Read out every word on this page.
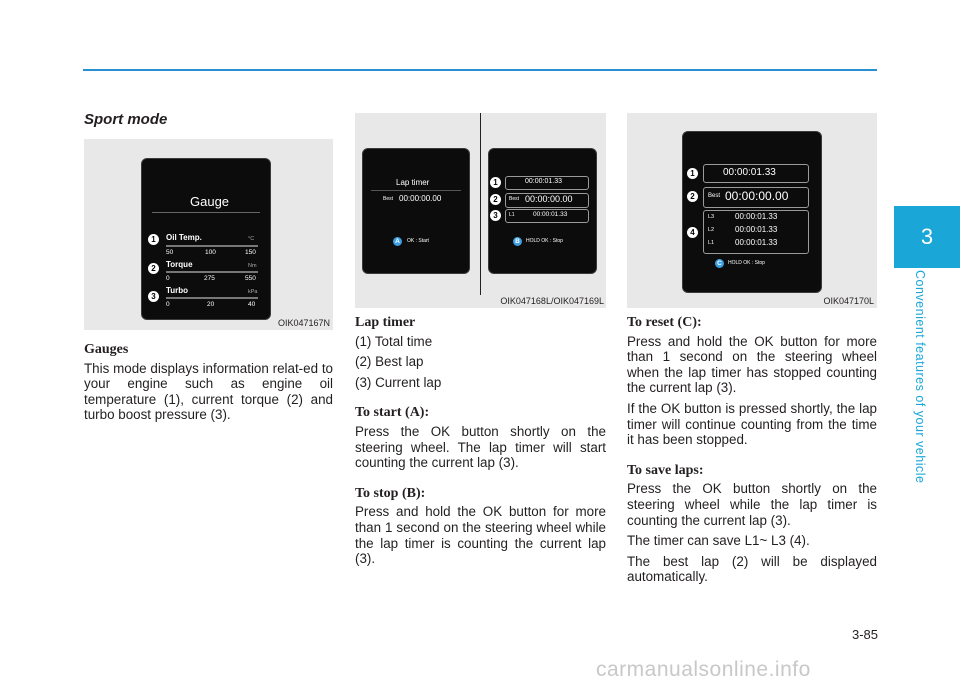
3
Convenient features of your vehicle
3-85
carmanualsonline.info
Sport mode
Gauge
1	Oil Temp.	°C
50	100	150
2	Torque	Nm
0	275	550
3
Turbo	kPa
0	20	40
OIK047167N
Lap timer
Best 00:00:00.00
A	OK : Start
1	00:00:01.33
2	Best 00:00:00.00
3	L1	00:00:01.33
B	HOLD OK : Stop
OIK047168L/OIK047169L
1	00:00:01.33
2	Best 00:00:00.00
4
L3	00:00:01.33
L2	00:00:01.33
L1	00:00:01.33
C	HOLD OK : Stop
OIK047170L
Gauges

This mode displays information relat-ed to your engine such as engine oil temperature (1), current torque (2) and turbo boost pressure (3).

Lap timer

(1) Total time

(2) Best lap

(3) Current lap

To start (A):

Press the OK button shortly on the steering wheel. The lap timer will start counting the current lap (3).

To stop (B):

Press and hold the OK button for more than 1 second on the steering wheel while the lap timer is counting the current lap (3).

To reset (C):

Press and hold the OK button for more than 1 second on the steering wheel when the lap timer has stopped counting the current lap (3).

If the OK button is pressed shortly, the lap timer will continue counting from the time it has been stopped.

To save laps:

Press the OK button shortly on the steering wheel while the lap timer is counting the current lap (3).

The timer can save L1~ L3 (4).

The best lap (2) will be displayed automatically.
